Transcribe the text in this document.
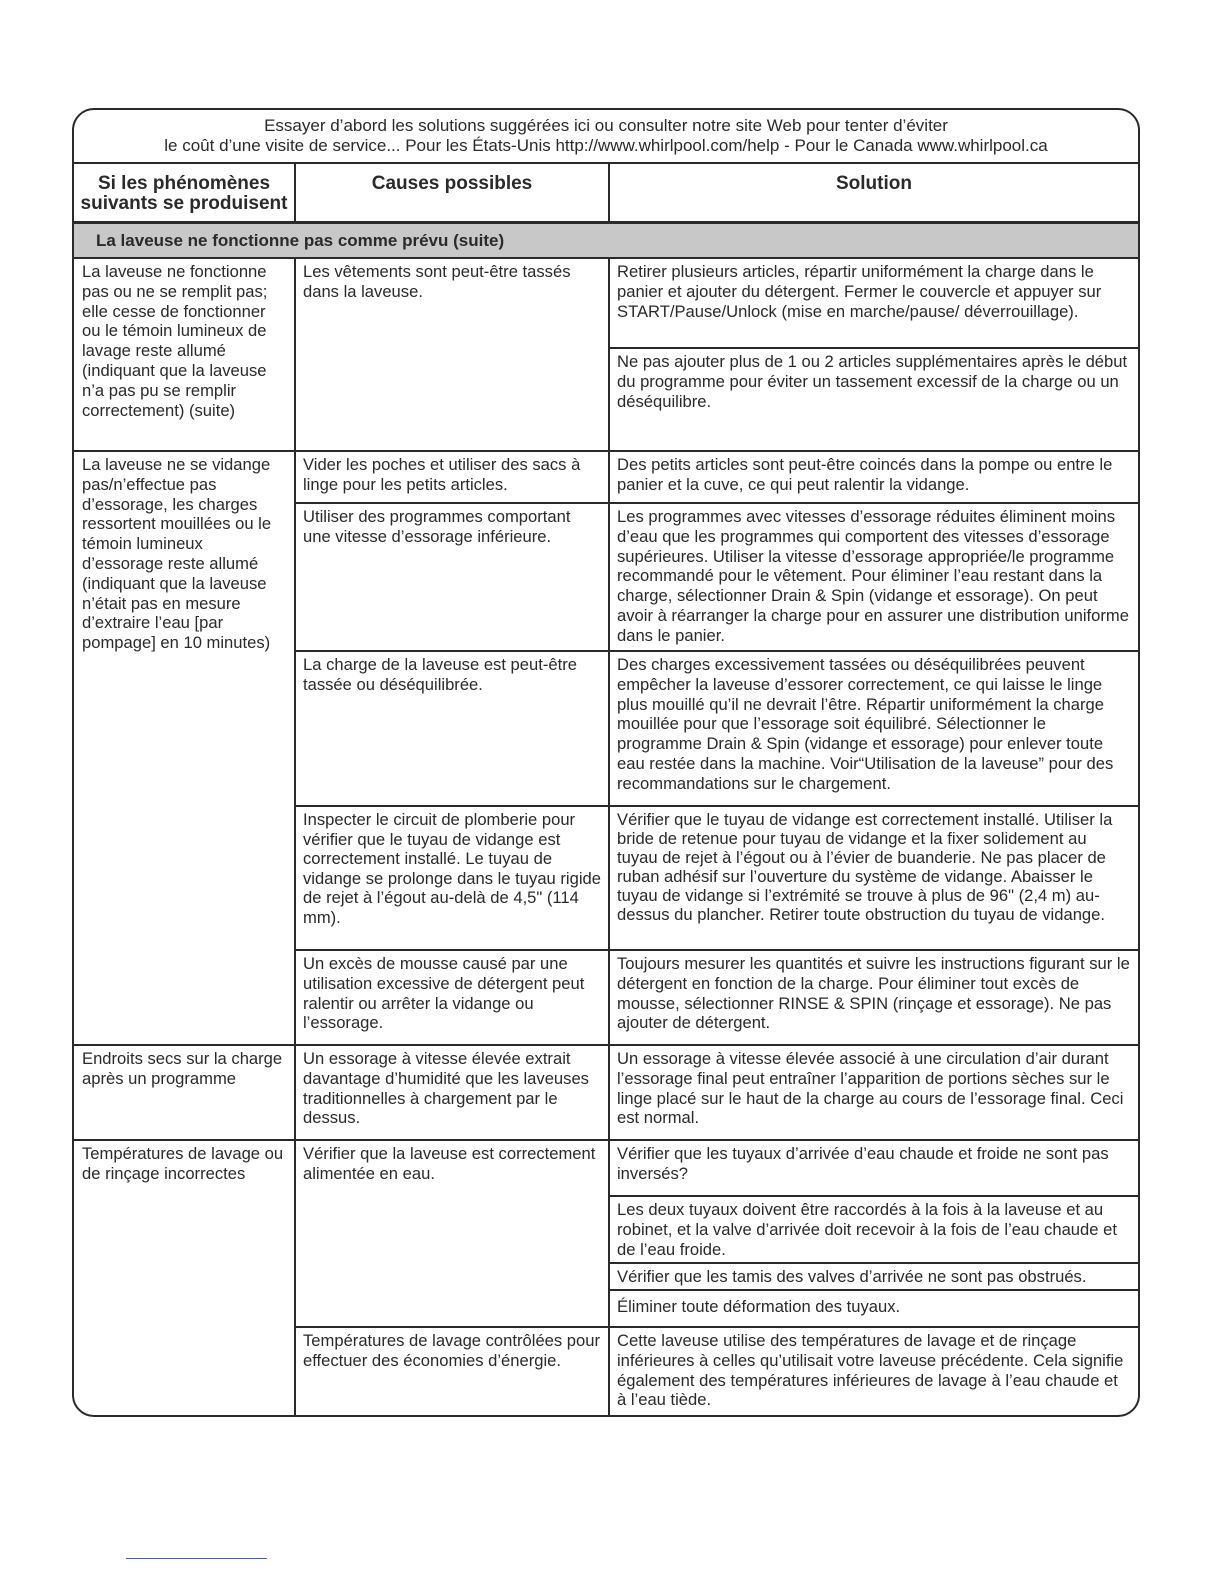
Essayer d’abord les solutions suggérées ici ou consulter notre site Web pour tenter d’éviter
le coût d’une visite de service... Pour les États-Unis http://www.whirlpool.com/help - Pour le Canada www.whirlpool.ca
Si les phénomènes suivants se produisent
Causes possibles	Solution
La laveuse ne fonctionne pas comme prévu (suite)
La laveuse ne fonctionne pas ou ne se remplit pas; elle cesse de fonctionner ou le témoin lumineux de lavage reste allumé (indiquant que la laveuse n’a pas pu se remplir correctement) (suite)
Les vêtements sont peut-être tassés dans la laveuse.
Retirer plusieurs articles, répartir uniformément la charge dans le panier et ajouter du détergent. Fermer le couvercle et appuyer sur START/Pause/Unlock (mise en marche/pause/ déverrouillage).
Ne pas ajouter plus de 1 ou 2 articles supplémentaires après le début du programme pour éviter un tassement excessif de la charge ou un déséquilibre.
La laveuse ne se vidange pas/n’effectue pas d’essorage, les charges ressortent mouillées ou le témoin lumineux d’essorage reste allumé (indiquant que la laveuse n’était pas en mesure d’extraire l’eau [par pompage] en 10 minutes)
Vider les poches et utiliser des sacs à linge pour les petits articles.
Des petits articles sont peut-être coincés dans la pompe ou entre le panier et la cuve, ce qui peut ralentir la vidange.
Utiliser des programmes comportant une vitesse d’essorage inférieure.
Les programmes avec vitesses d’essorage réduites éliminent moins d’eau que les programmes qui comportent des vitesses d’essorage supérieures. Utiliser la vitesse d’essorage appropriée/le programme recommandé pour le vêtement. Pour éliminer l’eau restant dans la charge, sélectionner Drain & Spin (vidange et essorage). On peut avoir à réarranger la charge pour en assurer une distribution uniforme dans le panier.
La charge de la laveuse est peut-être tassée ou déséquilibrée.
Des charges excessivement tassées ou déséquilibrées peuvent empêcher la laveuse d’essorer correctement, ce qui laisse le linge plus mouillé qu’il ne devrait l’être. Répartir uniformément la charge mouillée pour que l’essorage soit équilibré. Sélectionner le programme Drain & Spin (vidange et essorage) pour enlever toute eau restée dans la machine. Voir“Utilisation de la laveuse” pour des recommandations sur le chargement.
Inspecter le circuit de plomberie pour vérifier que le tuyau de vidange est correctement installé. Le tuyau de vidange se prolonge dans le tuyau rigide de rejet à l’égout au-delà de 4,5" (114 mm).
Vérifier que le tuyau de vidange est correctement installé. Utiliser la bride de retenue pour tuyau de vidange et la fixer solidement au tuyau de rejet à l’égout ou à l’évier de buanderie. Ne pas placer de ruban adhésif sur l’ouverture du système de vidange. Abaisser le tuyau de vidange si l’extrémité se trouve à plus de 96" (2,4 m) au-dessus du plancher. Retirer toute obstruction du tuyau de vidange.
Un excès de mousse causé par une utilisation excessive de détergent peut ralentir ou arrêter la vidange ou l’essorage.
Toujours mesurer les quantités et suivre les instructions figurant sur le détergent en fonction de la charge. Pour éliminer tout excès de mousse, sélectionner RINSE & SPIN (rinçage et essorage). Ne pas ajouter de détergent.
Endroits secs sur la charge après un programme
Un essorage à vitesse élevée extrait davantage d’humidité que les laveuses traditionnelles à chargement par le dessus.
Un essorage à vitesse élevée associé à une circulation d’air durant l’essorage final peut entraîner l’apparition de portions sèches sur le linge placé sur le haut de la charge au cours de l’essorage final. Ceci est normal.
Températures de lavage ou de rinçage incorrectes
Vérifier que la laveuse est correctement alimentée en eau.
Vérifier que les tuyaux d’arrivée d’eau chaude et froide ne sont pas inversés?
Les deux tuyaux doivent être raccordés à la fois à la laveuse et au robinet, et la valve d’arrivée doit recevoir à la fois de l’eau chaude et de l’eau froide.
Vérifier que les tamis des valves d’arrivée ne sont pas obstrués.
Éliminer toute déformation des tuyaux.
Températures de lavage contrôlées pour effectuer des économies d’énergie.
Cette laveuse utilise des températures de lavage et de rinçage inférieures à celles qu’utilisait votre laveuse précédente. Cela signifie également des températures inférieures de lavage à l’eau chaude et à l’eau tiède.
